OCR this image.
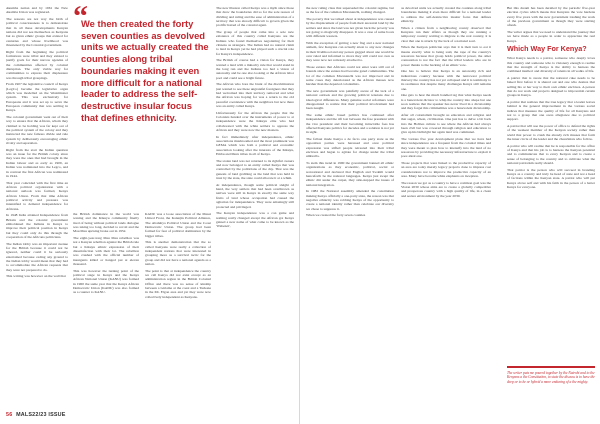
Akumba nation and by 1961 the New Akamba Union was registered.

The reasons are not way the birth of political consciousness is to demonstrate that in all these developments Kenyan nations did not see themselves as Kenyans but as given ethnic groups that existed for centuries and whose livelihood was threatened by the Colonial government.

Right from the beginning the political formations were tribal and they existed to justify goals for their narrow agendas of the communities affected by colonial disruption. The only viable way for communities to express their displeasure was through tribal groupings.

From 1907 the legislative council of Kenya (LegCo) became the legislative organ which was modelled on the Westminster system. This was exclusively for Europeans and it was set up to serve the European community that was settling in Kenya.

The colonial government went out of their way to ensure that the African, whom they claimed to be holding was far kept out of the political system of the colony and they instructed the new famous divide and rule system by deliberately encouraging ethnic rivalry and separation.

Right from the start the Indian question was an issue for the British colony since they were the ones that had brought in the Indian labour and as early as 1909, an Indian was nominated into the Legco, and in contrast the first African was nominated in 1944.

That year coincided with the first time an African political organization with a national outlook was formed, Kenya African Union. From that time African political activity and pressure was intensified to demand independence for Africans.

In 1948 India attained Independence from Britain and the colonial government emboldened the Indians in Kenya to improve their political position in Kenya but they could only do this through the cooperation of the Africans politicians.

The Indian lobby was an important avenue for the British because it could not be ignored, neither could it be seriously entertained because ceding any ground to the Indian lobby would mean that they had to accommodate the African requests that they were not prepared to do.

This writing was however on the wall that

the British dominance in the world was waning and the Kikuyu community finally tired of being without political lands dialogue was taking too long, decided to revolt and the Mau Mau uprising broke out in 1952.

The eight-year-long Mau Mau rebellion was not a Kenyan rebellion against the British rule but a Kikuyu ethnic expression of their dissatisfaction with their lot. The rebellion was crushed with the official number of insurgents killed or hanged put at eleven thousand.

This was however the turning point of the political stage in Kenya and the Kenya African National Union (KANU) was formed in 1960 the same year that the Kenya African Democratic Union (KADU) was also formed as a counter to KANU.

KADU was a loose association of the Masai United Front, the Kalenjin Political Alliance, The Abaluhya Political Union and the Coast Democratic Union. The group had been formed for fear of political domination by the bigger tribes.

This is another demonstration that the so called Kenyans were really a collection of independent nations that were interested in grouping more as a survival tactic for the group and did not have a national agenda as a nation.

The point is that at independence the country we call Kenya did not exist except as an administration region in the British Colonial Office and there was no sense of kinship between a Giriama at the coast and a Turkana in the Mt. Elgon area and yet they were now collectively independent as Kenyans.

“
We then created the forty seven counties as devolved units we actually created the counties along tribal boundaries making it even more difficult for a national leader to address the self-destructive insular focus that defines ethnicity.

The new illusion called Kenya was a myth since those that drew the boundaries did so for the sole reason of dividing and ruling and the ease of administration of a territory that was already difficult to govern given the prolific hatred of the colonial agent.

The group of people that came into a sole new existence of this country called Kenyans are the Indians who found themselves negotiating for their citizens as strangers. The Indian had no natural claim to land in Kenya yet he had played such a crucial role for Kenya's independence.

The British of course had a vision for Kenya, they wanted a land with a minority rule that would stand in the long run and the Indians too had a vision of autonomy and be one also looking at the African labor pool and could see a bright future.

The African who bore the brunt of the discrimination just wanted to see these ungrateful foreigners that they had welcomed into their territory removed and what the African was hoping for was a return to the old peaceful coexistence with the neighbors but now there was an entity called Kenya.

Unfortunately for the African the people that the Colonists handed over the instruments of power to at independence were the Kikuyu elite who had collaborated with the white settlers to oppress the African and they were now the new masters.

In fact immediately after independence, ethnic associations mushroomed and the most prominent was GEMA which was both a political and economic association looking after the interests of the Kikuyu, Embu and Meru tribes in all of Kenya.

The stolen land was not returned to its rightful owners and now belonged to an entity called Kenya that was controlled by the politicians of the day. That was the genesis of land grabbing as the land that was held in trust by the state, the state could allocate it at a whim.

At independence, though some political sleight of hand, the very settlers that had been overthrown as natives were still in Kenya in exactly the same way fruits of land whose occupation had caused the agitation for independence. They were amazingly still protected and privileged.

The Kenyan independence was a con game and nothing really changed except the African got Kenya gained a new name of what came to be known as the 'Wabenzi',

56 MALS22/23 ISSUE

the new ruling class that superseded the colonial regime, but as the fee of the common Mwananchi, nothing changed.

The poverty that we talked about at independence was caused by the displacement of people from their ancestral land by the settlers and since the land was not given back the poverty was not going to magically disappear. It was a case of same boots with different wearers.

With the exception of getting a new flag and a new national anthem, few Kenyans can actually attest to any new changes in their livelihood and any person gagged about one would be over ruled and informed to move they still could not own as they were now not remotely attached to.

Those estates that Africans could not enter were still out of bounds since the estates had become gated communities. The lot of the common Mwananchi was not improved and in some cases they deteriorated as the African masses now harsher than the departed colonialists.

The new government was painfully aware of the lack of a national outlook and the growing political tensions due to ideological differences. Many genuine social reformers were disappointed to realize that their political involvement had been naught.

The same ethnic based politics has continued after independence and the rift lost between the free president with the vice president and their becoming intractable foes has affected Kenyans politics for decades and a solution is not yet in sight.

The fallout made Kenya a de facto one party state as the opposition parties were harassed and once political expression was stifled people retreated into their tribal enclaves and began to agitate for change under the tribal umbrella.

To stem this trend in 1990 the government banned all ethnic organizations as they economic, political, social or recreational and declared that English and Swahili would henceforth be the national languages. Kenya just swept the ethnic dirt under the carpet, they side-stepped the issues of national integration.

In 1982 the National assembly amended the constitution making Kenya officially a one-party state, the reason was that negative ethnicity was robbing Kenya of the opportunity to create a national identity rather than celebrate our diversity we chose to suppress it.

When we created the forty seven counties

as devolved units we actually created the counties along tribal boundaries making it even more difficult for a national leader to address the self-destructive insular focus that defines ethnicity.

When a citizen from a neighboring county observed that Kenyans run their affairs as though they are running a temporary country waiting to migrate to the real country, it is clear that one is struck by the lack of a national soul.

When the Kenyan politician says that it is their turn to eat it means exactly what is being said, the rape of the country's resources because that group holds political power, the other connotation is not the fact that the tribal leaders who are in power thanks to the backing of an ethnic vote.

One has to believe that Kenya is an autonomy rich and industrious country because with the narrowest political thievery the country has not yet collapsed and it is testimony to its resilience that despite many challenges Kenya still remains one.

One gets to hear the much bandied tag that what Kenya needs is a benevolent dictator to whip the country into shape but one soon realizes that the speaker has never lived in a dictatorship and they forget this criminalities was a benevolent dictatorship.

After all colonialism brought us education and religion and that sugar, wheat, civilization. One just has to delve a bit back into the Hobbes culture to see where the African had always been civil but was cowered through religion and education to give up his birthright but again land was communal.

The various five year development plans that we have had since independence are a frequent from the colonial times and they were meant to plan how to intensify into the land of no resources by providing the necessary infrastructure to exploit it poor-ideal one.

Those projects that were linked to the productive capacity of an area are today merely legacy projects done to impress cost considerations not to improve the productive capacity of an area. Many have become white elephants on inception.

The reason we got as a country to have a common goal was the Vision 2030 whose aims are to create a globally competitive and prosperous country with a high quality of life, in a clean and secure environment by the year 2030.

But this dream has been derailed by the periodic five-year election cycles which means that Kenyans the vote hardens every five years with the new government trashing the work of the previous government as though they were starting afresh.

The writer argues that we need to understand the journey that we have made as a people in order to appreciate the real Kenya.

Which Way For Kenya?

What Kenya needs is a patriot, someone who deeply loves this country and someone who is visionary enough to realize that the strength of Kenya is the ability to harness the combined intellect and diversity of talents in all walks of life.

A patriot that is aware that the national cake needs to be baked first before it is shared out and one who desires that selling his or her way to their own ethnic enclaves. A person that do not work and projects designed to impoverish certain groups in Kenya.

A patriot that realizes that the true legacy that a leader leaves behind is the general improvement in the various social indices that measure the quality of life for all Kenyans and not to a group that one owes allegiance due to political support.

A patriot that will use the power of office to defend the rights of the weakest member of the Kenyan society rather than wield that power to crush the already rich masses that form the inner circle of the leader and the chauvinists who follow.

A patriot who will realize that he is responsible for the office of Kenya and that his job is to harness the Kenyan potential and to communicate that to every Kenyan and to create a sense of belonging to the country and to cultivate what the national patriotism really should.

That patriot is the person who will succeed in branding Kenya as a country and truly be head of state and not a head of factions within the Kenyan state. A patriot who will put Kenya above self and with his faith in the person of a better Kenya for everyone.

The writer puts me poured together by the Nairobi and to the Kenyans a the Constitution, to state the discuss is to have the deep or to be or hybrid a more enduring of a the mighty.
